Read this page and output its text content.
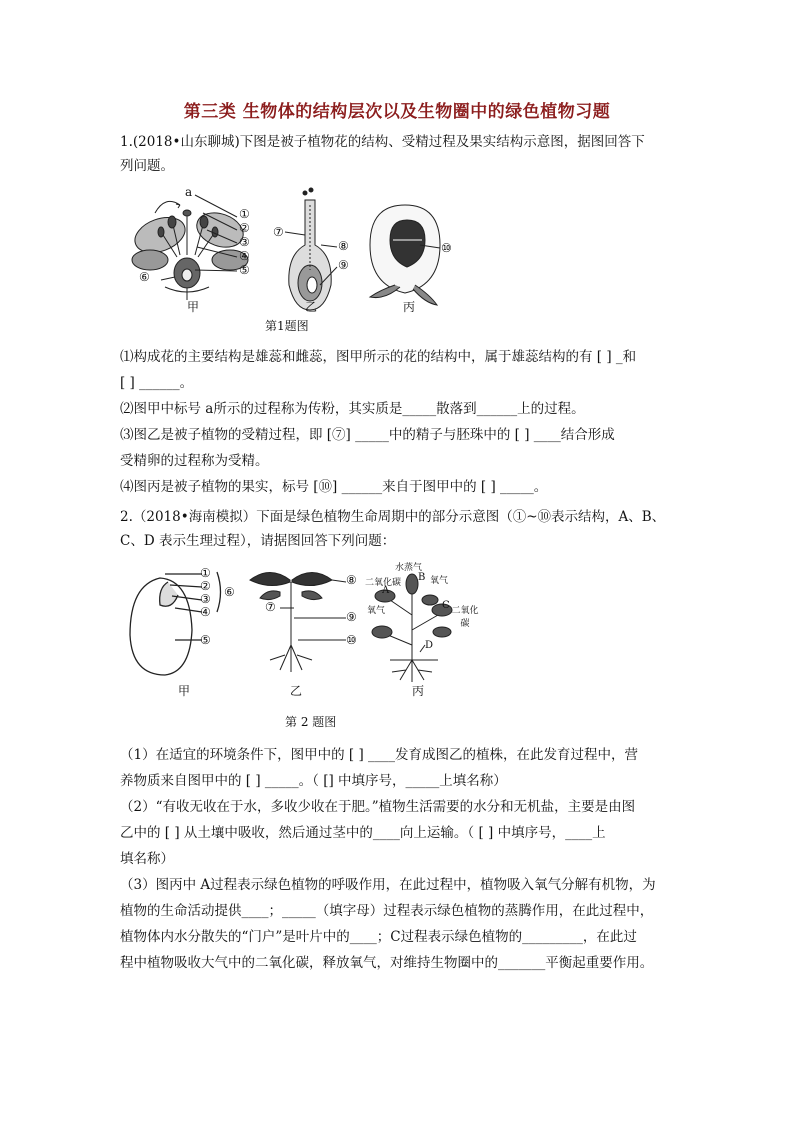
第三类 生物体的结构层次以及生物圈中的绿色植物习题
1.(2018•山东聊城)下图是被子植物花的结构、受精过程及果实结构示意图，据图回答下
列问题。
a
①
②
③
④
⑤
⑥
⑦
⑧
⑨
⑩
甲	乙	丙
第1题图
⑴构成花的主要结构是雄蕊和雌蕊，图甲所示的花的结构中，属于雄蕊结构的有 [ ] _和
[ ] ______。
⑵图甲中标号 a所示的过程称为传粉，其实质是_____散落到______上的过程。
⑶图乙是被子植物的受精过程，即 [⑦] _____中的精子与胚珠中的 [ ] ____结合形成
受精卵的过程称为受精。
⑷图丙是被子植物的果实，标号 [⑩] ______来自于图甲中的 [ ] _____。
2.（2018•海南模拟）下面是绿色植物生命周期中的部分示意图（①~⑩表示结构，A、B、
C、D 表示生理过程），请据图回答下列问题：
①
②
③
④
⑤
⑥
⑦
⑧
⑨
⑩
水蒸气
二氧化碳	氧气
氧气	二氧化碳
A
B
C
D
甲	乙	丙
第 2 题图
（1）在适宜的环境条件下，图甲中的 [ ] ____发育成图乙的植株，在此发育过程中，营
养物质来自图甲中的 [ ] _____。（ [] 中填序号，_____上填名称）
（2）“有收无收在于水，多收少收在于肥。”植物生活需要的水分和无机盐，主要是由图
乙中的 [ ] 从土壤中吸收，然后通过茎中的____向上运输。（ [ ] 中填序号，____上
填名称）
（3）图丙中 A过程表示绿色植物的呼吸作用，在此过程中，植物吸入氧气分解有机物，为
植物的生命活动提供____；_____（填字母）过程表示绿色植物的蒸腾作用，在此过程中，
植物体内水分散失的“门户”是叶片中的____；C过程表示绿色植物的_________，在此过
程中植物吸收大气中的二氧化碳，释放氧气，对维持生物圈中的_______平衡起重要作用。
